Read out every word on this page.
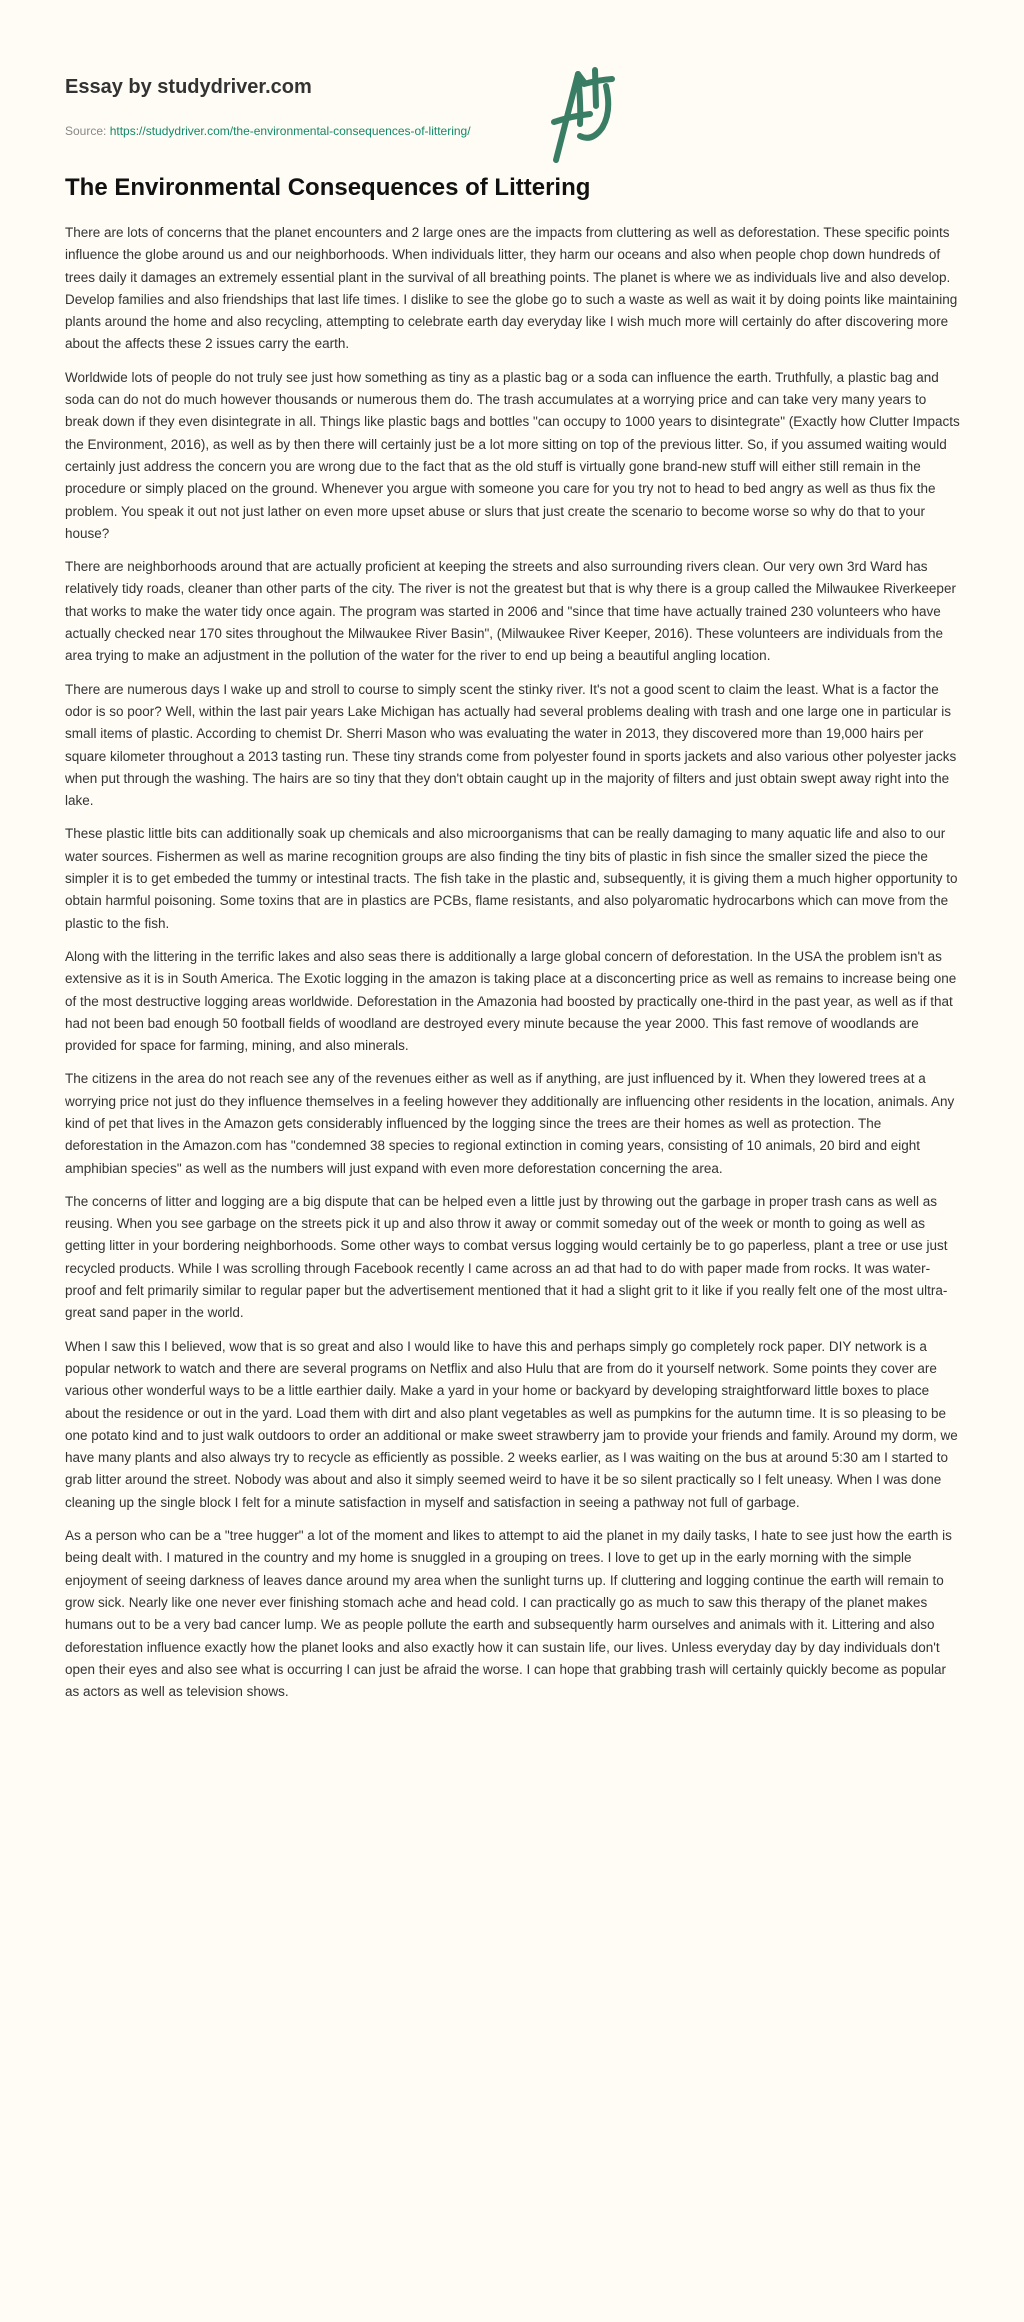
Essay by studydriver.com
Source: https://studydriver.com/the-environmental-consequences-of-littering/
The Environmental Consequences of Littering

There are lots of concerns that the planet encounters and 2 large ones are the impacts from cluttering as well as deforestation. These specific points influence the globe around us and our neighborhoods. When individuals litter, they harm our oceans and also when people chop down hundreds of trees daily it damages an extremely essential plant in the survival of all breathing points. The planet is where we as individuals live and also develop. Develop families and also friendships that last life times. I dislike to see the globe go to such a waste as well as wait it by doing points like maintaining plants around the home and also recycling, attempting to celebrate earth day everyday like I wish much more will certainly do after discovering more about the affects these 2 issues carry the earth.

Worldwide lots of people do not truly see just how something as tiny as a plastic bag or a soda can influence the earth. Truthfully, a plastic bag and soda can do not do much however thousands or numerous them do. The trash accumulates at a worrying price and can take very many years to break down if they even disintegrate in all. Things like plastic bags and bottles "can occupy to 1000 years to disintegrate" (Exactly how Clutter Impacts the Environment, 2016), as well as by then there will certainly just be a lot more sitting on top of the previous litter. So, if you assumed waiting would certainly just address the concern you are wrong due to the fact that as the old stuff is virtually gone brand-new stuff will either still remain in the procedure or simply placed on the ground. Whenever you argue with someone you care for you try not to head to bed angry as well as thus fix the problem. You speak it out not just lather on even more upset abuse or slurs that just create the scenario to become worse so why do that to your house?

There are neighborhoods around that are actually proficient at keeping the streets and also surrounding rivers clean. Our very own 3rd Ward has relatively tidy roads, cleaner than other parts of the city. The river is not the greatest but that is why there is a group called the Milwaukee Riverkeeper that works to make the water tidy once again. The program was started in 2006 and "since that time have actually trained 230 volunteers who have actually checked near 170 sites throughout the Milwaukee River Basin", (Milwaukee River Keeper, 2016). These volunteers are individuals from the area trying to make an adjustment in the pollution of the water for the river to end up being a beautiful angling location.

There are numerous days I wake up and stroll to course to simply scent the stinky river. It's not a good scent to claim the least. What is a factor the odor is so poor? Well, within the last pair years Lake Michigan has actually had several problems dealing with trash and one large one in particular is small items of plastic. According to chemist Dr. Sherri Mason who was evaluating the water in 2013, they discovered more than 19,000 hairs per square kilometer throughout a 2013 tasting run. These tiny strands come from polyester found in sports jackets and also various other polyester jacks when put through the washing. The hairs are so tiny that they don't obtain caught up in the majority of filters and just obtain swept away right into the lake.

These plastic little bits can additionally soak up chemicals and also microorganisms that can be really damaging to many aquatic life and also to our water sources. Fishermen as well as marine recognition groups are also finding the tiny bits of plastic in fish since the smaller sized the piece the simpler it is to get embeded the tummy or intestinal tracts. The fish take in the plastic and, subsequently, it is giving them a much higher opportunity to obtain harmful poisoning. Some toxins that are in plastics are PCBs, flame resistants, and also polyaromatic hydrocarbons which can move from the plastic to the fish.

Along with the littering in the terrific lakes and also seas there is additionally a large global concern of deforestation. In the USA the problem isn't as extensive as it is in South America. The Exotic logging in the amazon is taking place at a disconcerting price as well as remains to increase being one of the most destructive logging areas worldwide. Deforestation in the Amazonia had boosted by practically one-third in the past year, as well as if that had not been bad enough 50 football fields of woodland are destroyed every minute because the year 2000. This fast remove of woodlands are provided for space for farming, mining, and also minerals.

The citizens in the area do not reach see any of the revenues either as well as if anything, are just influenced by it. When they lowered trees at a worrying price not just do they influence themselves in a feeling however they additionally are influencing other residents in the location, animals. Any kind of pet that lives in the Amazon gets considerably influenced by the logging since the trees are their homes as well as protection. The deforestation in the Amazon.com has "condemned 38 species to regional extinction in coming years, consisting of 10 animals, 20 bird and eight amphibian species" as well as the numbers will just expand with even more deforestation concerning the area.

The concerns of litter and logging are a big dispute that can be helped even a little just by throwing out the garbage in proper trash cans as well as reusing. When you see garbage on the streets pick it up and also throw it away or commit someday out of the week or month to going as well as getting litter in your bordering neighborhoods. Some other ways to combat versus logging would certainly be to go paperless, plant a tree or use just recycled products. While I was scrolling through Facebook recently I came across an ad that had to do with paper made from rocks. It was water-proof and felt primarily similar to regular paper but the advertisement mentioned that it had a slight grit to it like if you really felt one of the most ultra- great sand paper in the world.

When I saw this I believed, wow that is so great and also I would like to have this and perhaps simply go completely rock paper. DIY network is a popular network to watch and there are several programs on Netflix and also Hulu that are from do it yourself network. Some points they cover are various other wonderful ways to be a little earthier daily. Make a yard in your home or backyard by developing straightforward little boxes to place about the residence or out in the yard. Load them with dirt and also plant vegetables as well as pumpkins for the autumn time. It is so pleasing to be one potato kind and to just walk outdoors to order an additional or make sweet strawberry jam to provide your friends and family. Around my dorm, we have many plants and also always try to recycle as efficiently as possible. 2 weeks earlier, as I was waiting on the bus at around 5:30 am I started to grab litter around the street. Nobody was about and also it simply seemed weird to have it be so silent practically so I felt uneasy. When I was done cleaning up the single block I felt for a minute satisfaction in myself and satisfaction in seeing a pathway not full of garbage.

As a person who can be a "tree hugger" a lot of the moment and likes to attempt to aid the planet in my daily tasks, I hate to see just how the earth is being dealt with. I matured in the country and my home is snuggled in a grouping on trees. I love to get up in the early morning with the simple enjoyment of seeing darkness of leaves dance around my area when the sunlight turns up. If cluttering and logging continue the earth will remain to grow sick. Nearly like one never ever finishing stomach ache and head cold. I can practically go as much to saw this therapy of the planet makes humans out to be a very bad cancer lump. We as people pollute the earth and subsequently harm ourselves and animals with it. Littering and also deforestation influence exactly how the planet looks and also exactly how it can sustain life, our lives. Unless everyday day by day individuals don't open their eyes and also see what is occurring I can just be afraid the worse. I can hope that grabbing trash will certainly quickly become as popular as actors as well as television shows.
